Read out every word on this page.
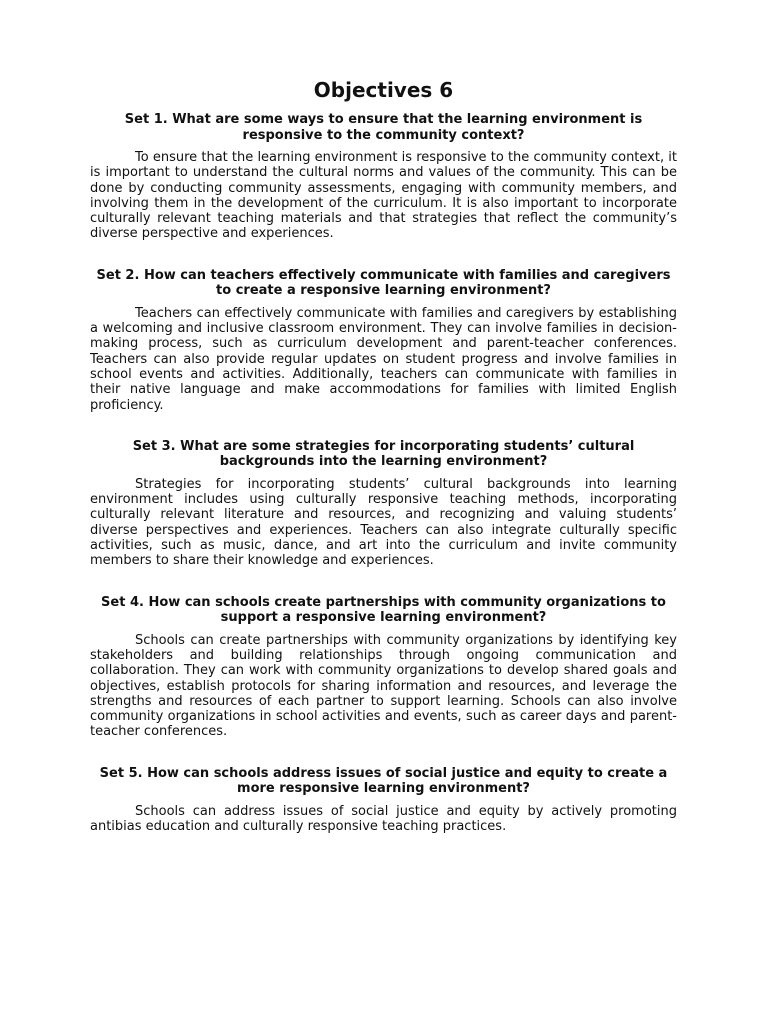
Objectives 6

Set 1. What are some ways to ensure that the learning environment is responsive to the community context?

To ensure that the learning environment is responsive to the community context, it is important to understand the cultural norms and values of the community. This can be done by conducting community assessments, engaging with community members, and involving them in the development of the curriculum. It is also important to incorporate culturally relevant teaching materials and that strategies that reflect the community’s diverse perspective and experiences.

Set 2. How can teachers effectively communicate with families and caregivers to create a responsive learning environment?

Teachers can effectively communicate with families and caregivers by establishing a welcoming and inclusive classroom environment. They can involve families in decision-making process, such as curriculum development and parent-teacher conferences. Teachers can also provide regular updates on student progress and involve families in school events and activities. Additionally, teachers can communicate with families in their native language and make accommodations for families with limited English proficiency.

Set 3. What are some strategies for incorporating students’ cultural backgrounds into the learning environment?

Strategies for incorporating students’ cultural backgrounds into learning environment includes using culturally responsive teaching methods, incorporating culturally relevant literature and resources, and recognizing and valuing students’ diverse perspectives and experiences. Teachers can also integrate culturally specific activities, such as music, dance, and art into the curriculum and invite community members to share their knowledge and experiences.

Set 4. How can schools create partnerships with community organizations to support a responsive learning environment?

Schools can create partnerships with community organizations by identifying key stakeholders and building relationships through ongoing communication and collaboration. They can work with community organizations to develop shared goals and objectives, establish protocols for sharing information and resources, and leverage the strengths and resources of each partner to support learning. Schools can also involve community organizations in school activities and events, such as career days and parent-teacher conferences.

Set 5. How can schools address issues of social justice and equity to create a more responsive learning environment?

Schools can address issues of social justice and equity by actively promoting antibias education and culturally responsive teaching practices.
